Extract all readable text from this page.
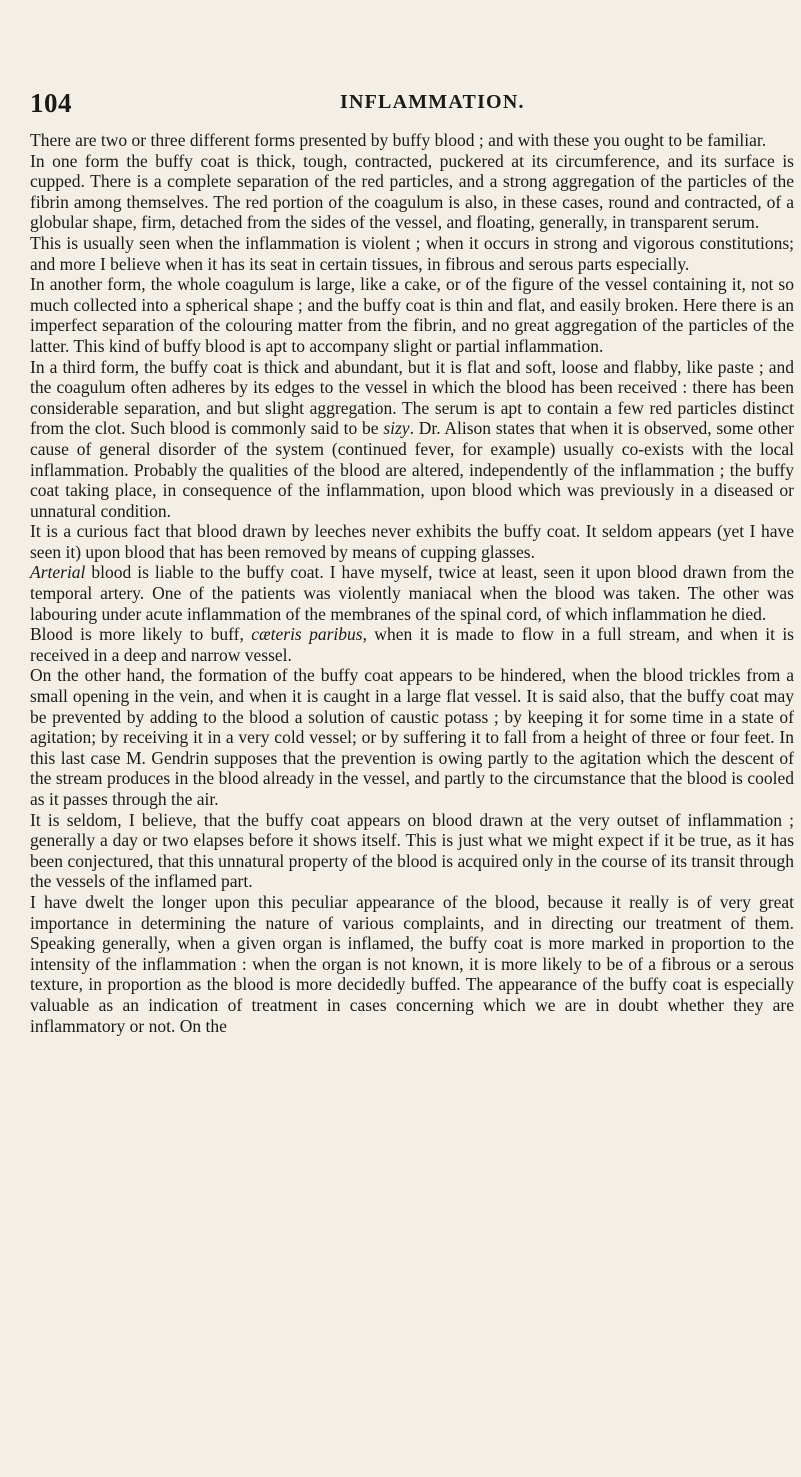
104	INFLAMMATION.

There are two or three different forms presented by buffy blood ; and with these you ought to be familiar.

In one form the buffy coat is thick, tough, contracted, puckered at its circumference, and its surface is cupped. There is a complete separation of the red particles, and a strong aggregation of the particles of the fibrin among themselves. The red portion of the coagulum is also, in these cases, round and contracted, of a globular shape, firm, detached from the sides of the vessel, and floating, generally, in transparent serum.

This is usually seen when the inflammation is violent ; when it occurs in strong and vigorous constitutions; and more I believe when it has its seat in certain tissues, in fibrous and serous parts especially.

In another form, the whole coagulum is large, like a cake, or of the figure of the vessel containing it, not so much collected into a spherical shape ; and the buffy coat is thin and flat, and easily broken. Here there is an imperfect separation of the colouring matter from the fibrin, and no great aggregation of the particles of the latter. This kind of buffy blood is apt to accompany slight or partial inflammation.

In a third form, the buffy coat is thick and abundant, but it is flat and soft, loose and flabby, like paste ; and the coagulum often adheres by its edges to the vessel in which the blood has been received : there has been considerable separation, and but slight aggregation. The serum is apt to contain a few red particles distinct from the clot. Such blood is commonly said to be sizy. Dr. Alison states that when it is observed, some other cause of general disorder of the system (continued fever, for example) usually co-exists with the local inflammation. Probably the qualities of the blood are altered, independently of the inflammation ; the buffy coat taking place, in consequence of the inflammation, upon blood which was previously in a diseased or unnatural condition.

It is a curious fact that blood drawn by leeches never exhibits the buffy coat. It seldom appears (yet I have seen it) upon blood that has been removed by means of cupping glasses.

Arterial blood is liable to the buffy coat. I have myself, twice at least, seen it upon blood drawn from the temporal artery. One of the patients was violently maniacal when the blood was taken. The other was labouring under acute inflammation of the membranes of the spinal cord, of which inflammation he died.

Blood is more likely to buff, cæteris paribus, when it is made to flow in a full stream, and when it is received in a deep and narrow vessel.

On the other hand, the formation of the buffy coat appears to be hindered, when the blood trickles from a small opening in the vein, and when it is caught in a large flat vessel. It is said also, that the buffy coat may be prevented by adding to the blood a solution of caustic potass ; by keeping it for some time in a state of agitation; by receiving it in a very cold vessel; or by suffering it to fall from a height of three or four feet. In this last case M. Gendrin supposes that the prevention is owing partly to the agitation which the descent of the stream produces in the blood already in the vessel, and partly to the circumstance that the blood is cooled as it passes through the air.

It is seldom, I believe, that the buffy coat appears on blood drawn at the very outset of inflammation ; generally a day or two elapses before it shows itself. This is just what we might expect if it be true, as it has been conjectured, that this unnatural property of the blood is acquired only in the course of its transit through the vessels of the inflamed part.

I have dwelt the longer upon this peculiar appearance of the blood, because it really is of very great importance in determining the nature of various complaints, and in directing our treatment of them. Speaking generally, when a given organ is inflamed, the buffy coat is more marked in proportion to the intensity of the inflammation : when the organ is not known, it is more likely to be of a fibrous or a serous texture, in proportion as the blood is more decidedly buffed. The appearance of the buffy coat is especially valuable as an indication of treatment in cases concerning which we are in doubt whether they are inflammatory or not. On the
